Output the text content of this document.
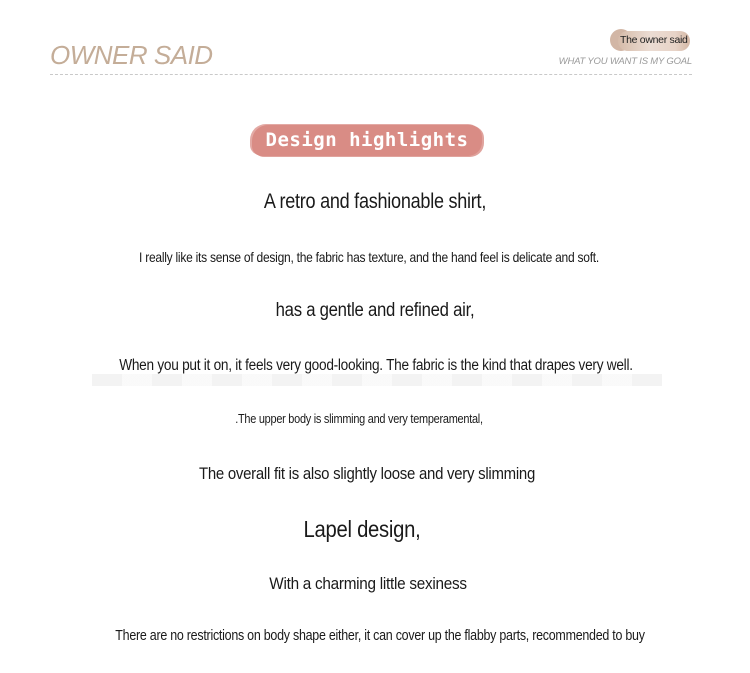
OWNER SAID	The owner said
WHAT YOU WANT IS MY GOAL
Design highlights
A retro and fashionable shirt,
I really like its sense of design, the fabric has texture, and the hand feel is delicate and soft.
has a gentle and refined air,
When you put it on, it feels very good-looking. The fabric is the kind that drapes very well.
.The upper body is slimming and very temperamental,
The overall fit is also slightly loose and very slimming
Lapel design,
With a charming little sexiness
There are no restrictions on body shape either, it can cover up the flabby parts, recommended to buy
